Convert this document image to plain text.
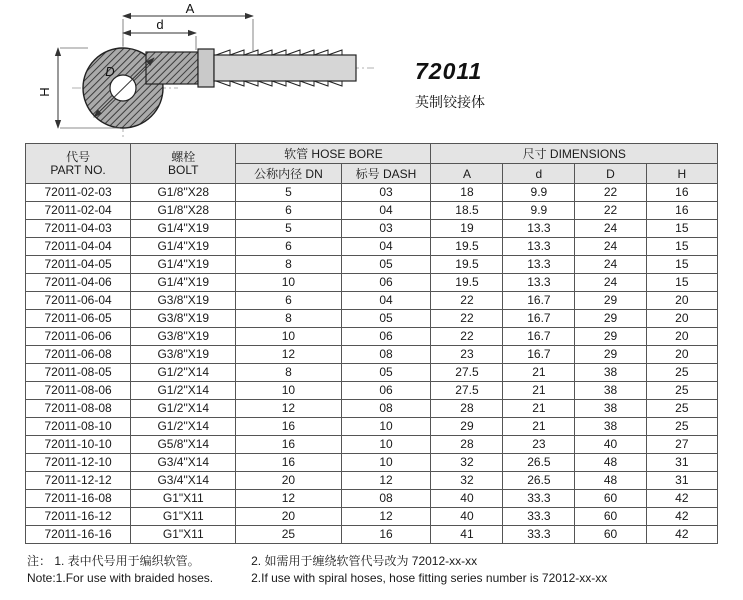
A
d
H
D	72011
英制铰接体
代号
PART NO.

螺栓
BOLT
	软管 HOSE BORE	尺寸 DIMENSIONS
		公称内径 DN	标号 DASH	A	d	D	H
72011-02-03	G1/8"X28	5	03	18	9.9	22	16
72011-02-04	G1/8"X28	6	04	18.5	9.9	22	16
72011-04-03	G1/4"X19	5	03	19	13.3	24	15
72011-04-04	G1/4"X19	6	04	19.5	13.3	24	15
72011-04-05	G1/4"X19	8	05	19.5	13.3	24	15
72011-04-06	G1/4"X19	10	06	19.5	13.3	24	15
72011-06-04	G3/8"X19	6	04	22	16.7	29	20
72011-06-05	G3/8"X19	8	05	22	16.7	29	20
72011-06-06	G3/8"X19	10	06	22	16.7	29	20
72011-06-08	G3/8"X19	12	08	23	16.7	29	20
72011-08-05	G1/2"X14	8	05	27.5	21	38	25
72011-08-06	G1/2"X14	10	06	27.5	21	38	25
72011-08-08	G1/2"X14	12	08	28	21	38	25
72011-08-10	G1/2"X14	16	10	29	21	38	25
72011-10-10	G5/8"X14	16	10	28	23	40	27
72011-12-10	G3/4"X14	16	10	32	26.5	48	31
72011-12-12	G3/4"X14	20	12	32	26.5	48	31
72011-16-08	G1"X11	12	08	40	33.3	60	42
72011-16-12	G1"X11	20	12	40	33.3	60	42
72011-16-16	G1"X11	25	16	41	33.3	60	42
注： 1. 表中代号用于编织软管。
Note:1.For use with braided hoses.
2. 如需用于缠绕软管代号改为 72012-xx-xx
2.If use with spiral hoses, hose fitting series number is 72012-xx-xx
